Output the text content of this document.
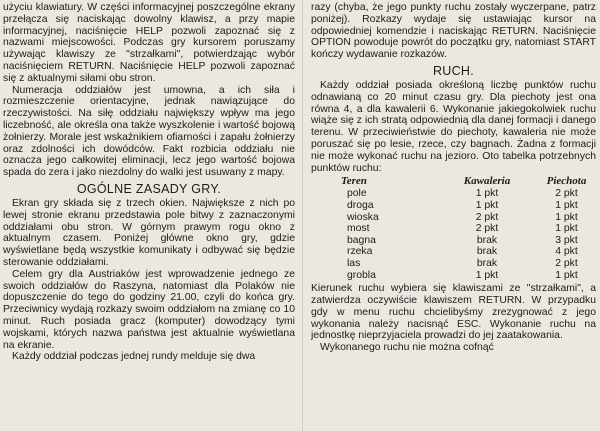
użyciu klawiatury. W części informacyjnej poszczególne ekrany przełącza się naciskając dowolny klawisz, a przy mapie informacyjnej, naciśnięcie HELP pozwoli zapoznać się z nazwami miejscowości. Podczas gry kursorem poruszamy używając klawiszy ze "strzałkami", potwierdzając wybór naciśnięciem RETURN. Naciśnięcie HELP pozwoli zapoznać się z aktualnymi siłami obu stron.

Numeracja oddziałów jest umowna, a ich siła i rozmieszczenie orientacyjne, jednak nawiązujące do rzeczywistości. Na siłę oddziału największy wpływ ma jego liczebność, ale określa ona także wyszkolenie i wartość bojową żołnierzy. Morale jest wskaźnikiem ofiarności i zapału żołnierzy oraz zdolności ich dowódców. Fakt rozbicia oddziału nie oznacza jego całkowitej eliminacji, lecz jego wartość bojowa spada do zera i jako niezdolny do walki jest usuwany z mapy.

OGÓLNE ZASADY GRY.

Ekran gry składa się z trzech okien. Największe z nich po lewej stronie ekranu przedstawia pole bitwy z zaznaczonymi oddziałami obu stron. W górnym prawym rogu okno z aktualnym czasem. Poniżej główne okno gry, gdzie wyświetlane będą wszystkie komunikaty i odbywać się będzie sterowanie oddziałami.

Celem gry dla Austriaków jest wprowadzenie jednego ze swoich oddziałów do Raszyna, natomiast dla Polaków nie dopuszczenie do tego do godziny 21.00, czyli do końca gry. Przeciwnicy wydają rozkazy swoim oddziałom na zmianę co 10 minut. Ruch posiada gracz (komputer) dowodzący tymi wojskami, których nazwa państwa jest aktualnie wyświetlana na ekranie.

Każdy oddział podczas jednej rundy melduje się dwa

razy (chyba, że jego punkty ruchu zostały wyczerpane, patrz poniżej). Rozkazy wydaje się ustawiając kursor na odpowiedniej komendzie i naciskając RETURN. Naciśnięcie OPTION powoduje powrót do początku gry, natomiast START kończy wydawanie rozkazów.

RUCH.

Każdy oddział posiada określoną liczbę punktów ruchu odnawianą co 20 minut czasu gry. Dla piechoty jest ona równa 4, a dla kawalerii 6. Wykonanie jakiegokolwiek ruchu wiąże się z ich stratą odpowiednią dla danej formacji i danego terenu. W przeciwieństwie do piechoty, kawaleria nie może poruszać się po lesie, rzece, czy bagnach. Żadna z formacji nie może wykonać ruchu na jezioro. Oto tabelka potrzebnych punktów ruchu:

Teren	Kawaleria	Piechota
pole	1 pkt	2 pkt
droga	1 pkt	1 pkt
wioska	2 pkt	1 pkt
most	2 pkt	1 pkt
bagna	brak	3 pkt
rzeka	brak	4 pkt
las	brak	2 pkt
grobla	1 pkt	1 pkt

Kierunek ruchu wybiera się klawiszami ze "strzałkami", a zatwierdza oczywiście klawiszem RETURN. W przypadku gdy w menu ruchu chcielibyśmy zrezygnować z jego wykonania należy nacisnąć ESC. Wykonanie ruchu na jednostkę nieprzyjaciela prowadzi do jej zaatakowania.

Wykonanego ruchu nie można cofnąć
